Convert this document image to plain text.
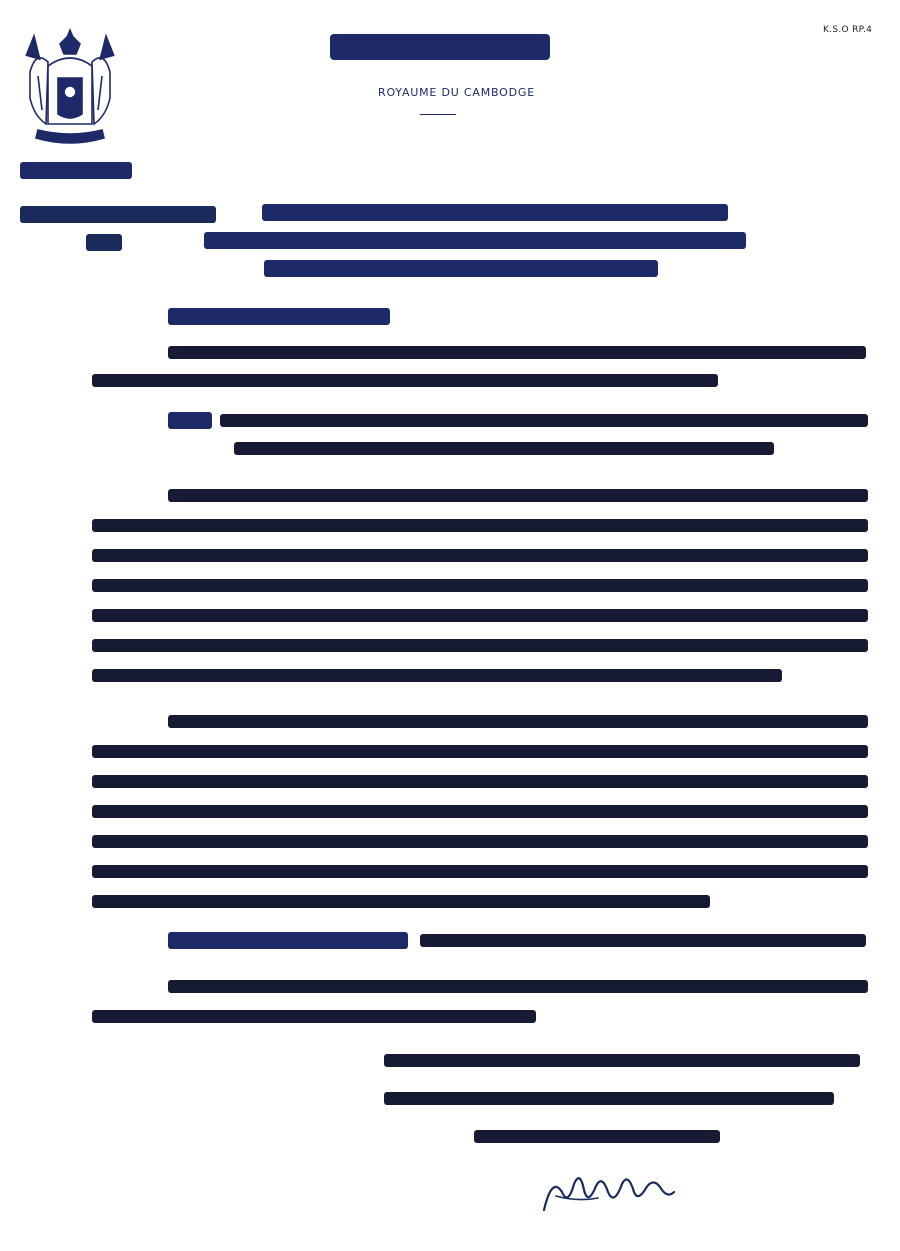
K.S.O RP.4
ROYAUME DU CAMBODGE
